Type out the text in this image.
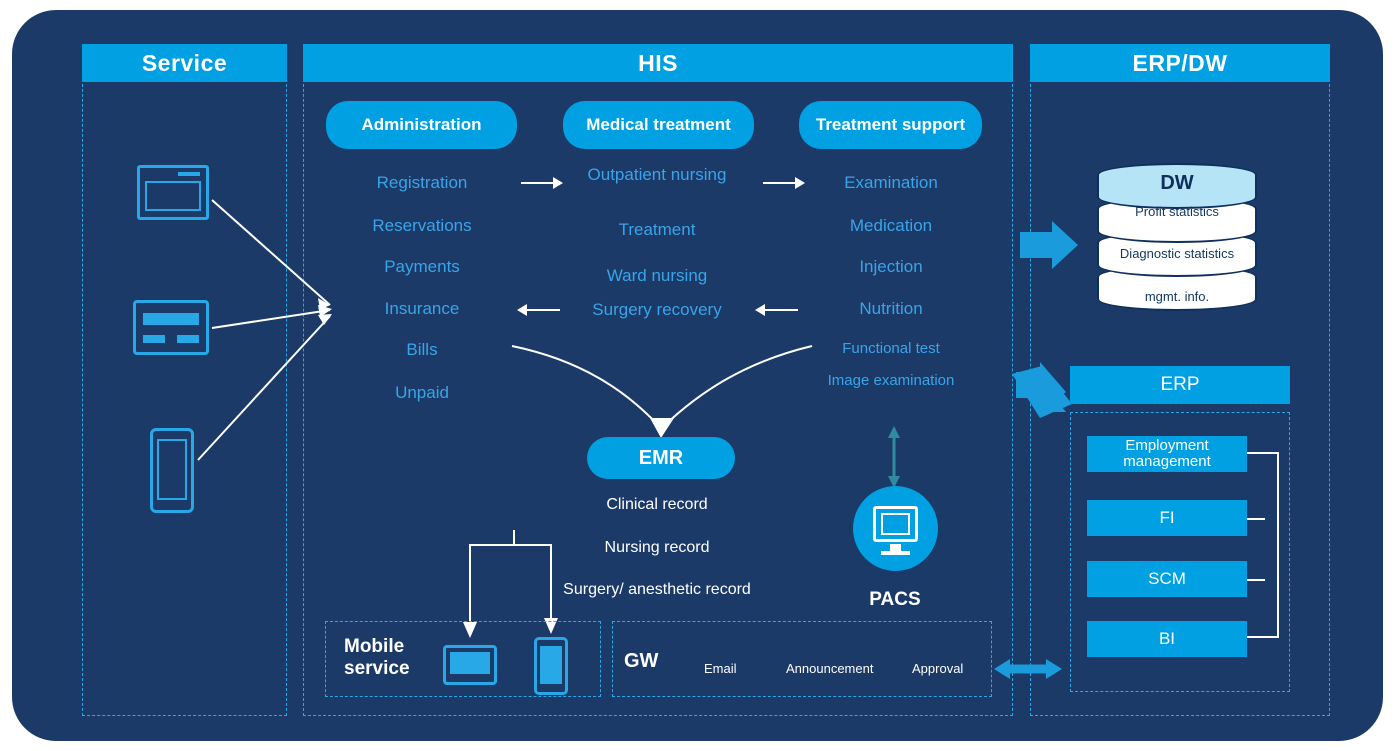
Service	HIS	ERP/DW
Administration	Medical treatment	Treatment support
Registration
Reservations
Payments
Insurance
Bills
Unpaid
Outpatient nursing
Treatment
Ward nursing
Surgery recovery
Examination
Medication
Injection
Nutrition
Functional test
Image examination
EMR
Clinical record
Nursing record
Surgery/ anesthetic record	PACS
Mobile service	GW	Email	Announcement	Approval
DW
Profit statistics
Diagnostic statistics
mgmt. info.
ERP
Employment management
FI
SCM
BI
